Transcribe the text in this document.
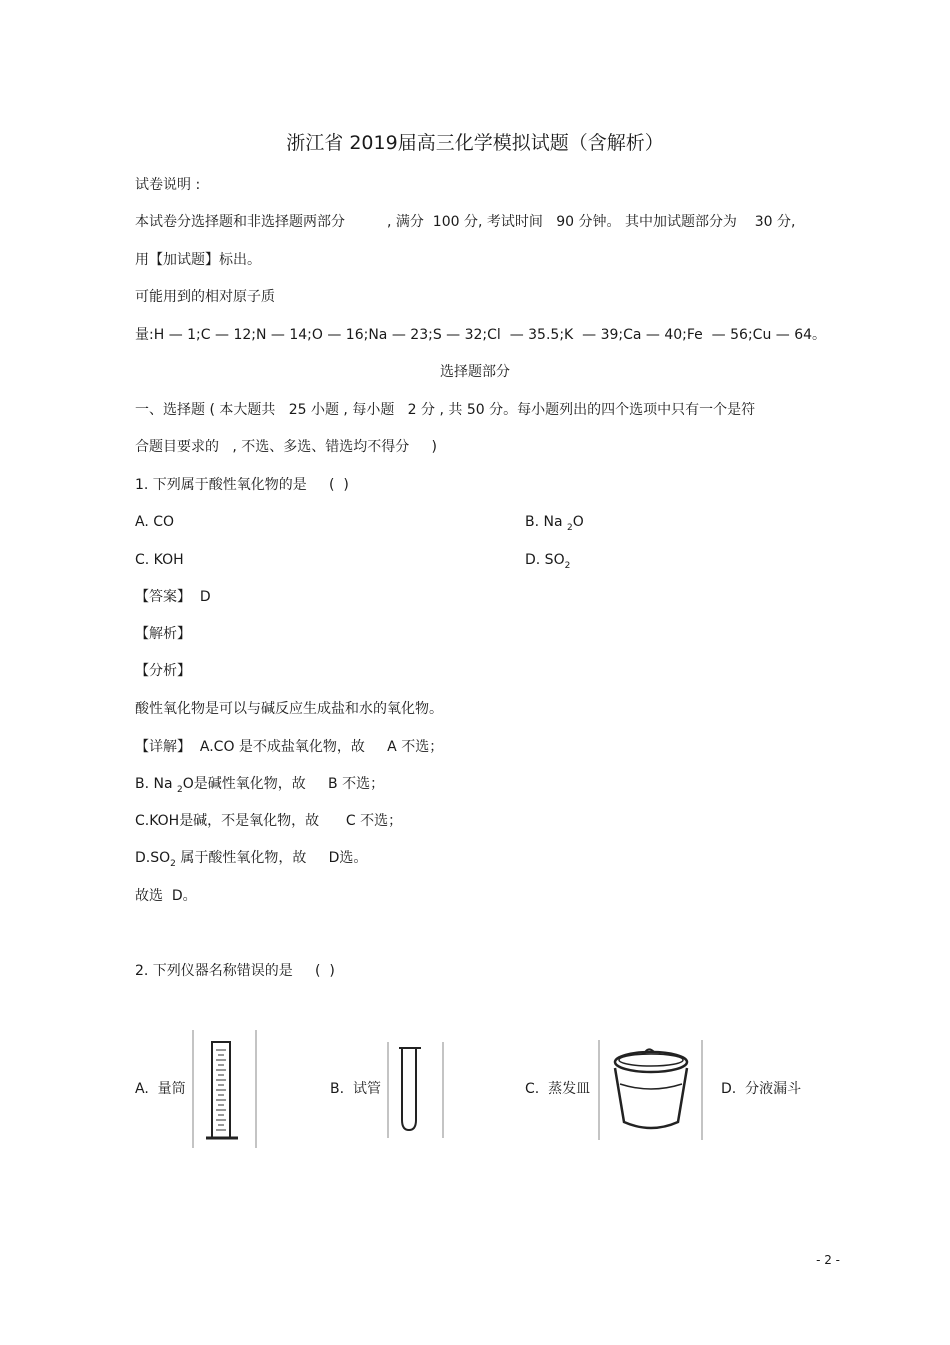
浙江省 2019届高三化学模拟试题（含解析）
试卷说明 :
本试卷分选择题和非选择题两部分	, 满分  100 分, 考试时间   90 分钟。 其中加试题部分为    30 分,
用【加试题】标出。
可能用到的相对原子质
量:H — 1;C — 12;N — 14;O — 16;Na — 23;S — 32;Cl  — 35.5;K  — 39;Ca — 40;Fe  — 56;Cu — 64。
选择题部分
一、选择题 ( 本大题共   25 小题 , 每小题   2 分 , 共 50 分。每小题列出的四个选项中只有一个是符
合题目要求的   , 不选、多选、错选均不得分     )
1. 下列属于酸性氧化物的是     (  )
A. CO	B. Na $_2$O
C. KOH	D. $SO_2$
【答案】  D
【解析】
【分析】
酸性氧化物是可以与碱反应生成盐和水的氧化物。
【详解】  A.CO 是不成盐氧化物，故     A 不选；
B. Na $_2$O是碱性氧化物，故     B 不选；
C.KOH是碱，不是氧化物，故      C 不选；
$D.SO_2$ 属于酸性氧化物，故     D选。
故选  D。
2. 下列仪器名称错误的是     (  )
A.  量筒	B.  试管	C.  蒸发皿	D.  分液漏斗
- 2 -
